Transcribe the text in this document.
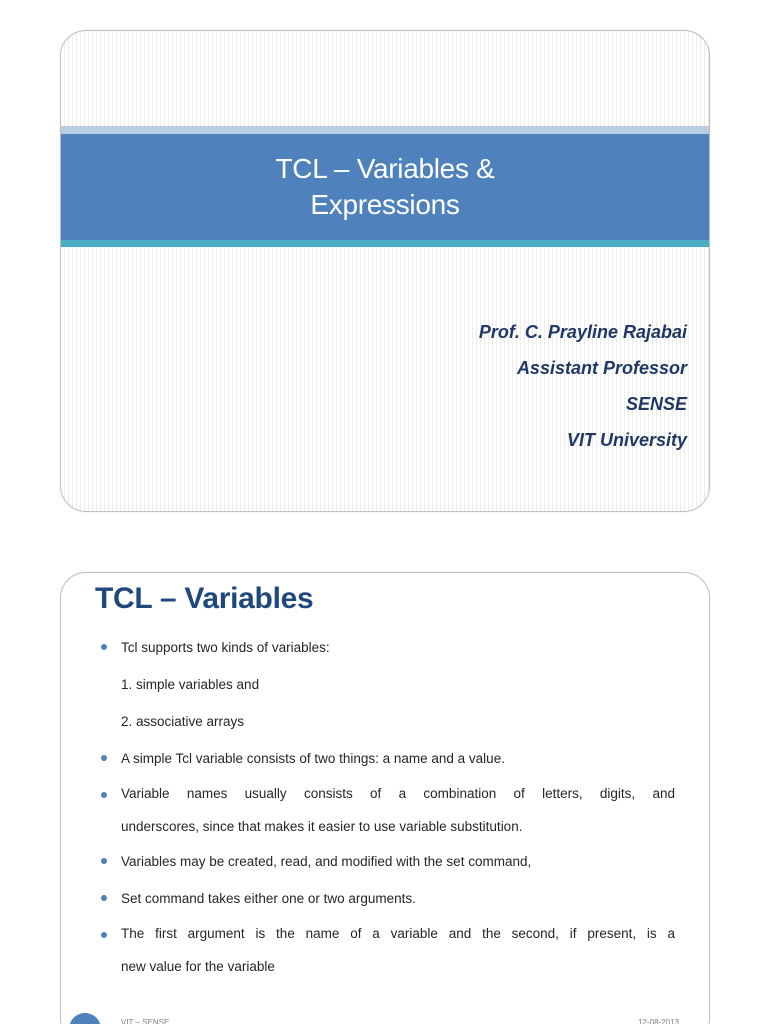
TCL – Variables &
Expressions
Prof. C. Prayline Rajabai
Assistant Professor
SENSE
VIT University
TCL – Variables
Tcl supports two kinds of variables:
1. simple variables and
2. associative arrays
A simple Tcl variable consists of two things: a name and a value.
Variable names usually consists of a combination of letters, digits, and
underscores, since that makes it easier to use variable substitution.
Variables may be created, read, and modified with the set command,
Set command takes either one or two arguments.
The first argument is the name of a variable and the second, if present, is a
new value for the variable
VIT – SENSE	12-08-2013
